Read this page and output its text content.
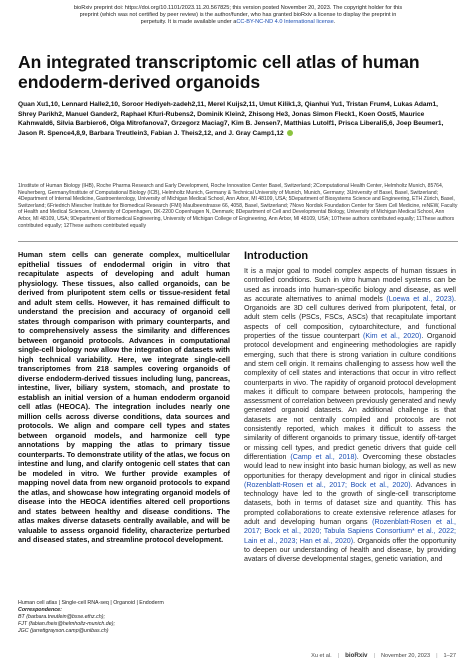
bioRxiv preprint doi: https://doi.org/10.1101/2023.11.20.567825; this version posted November 20, 2023. The copyright holder for this
preprint (which was not certified by peer review) is the author/funder, who has granted bioRxiv a license to display the preprint in
perpetuity. It is made available under aCC-BY-NC-ND 4.0 International license.
An integrated transcriptomic cell atlas of human endoderm-derived organoids
Quan Xu1,10, Lennard Halle2,10, Soroor Hediyeh-zadeh2,11, Merel Kuijs2,11, Umut Kilik1,3, Qianhui Yu1, Tristan Frum4, Lukas Adam1, Shrey Parikh2, Manuel Gander2, Raphael Kfuri-Rubens2, Dominik Klein2, Zhisong He3, Jonas Simon Fleck1, Koen Oost5, Maurice Kahnwald6, Silvia Barbiero6, Olga Mitrofanova7, Grzegorz Maciag7, Kim B. Jensen7, Matthias Lutolf1, Prisca Liberali5,6, Joep Beumer1, Jason R. Spence4,8,9, Barbara Treutlein3, Fabian J. Theis2,12, and J. Gray Camp1,12
1Institute of Human Biology (IHB), Roche Pharma Research and Early Development, Roche Innovation Center Basel, Switzerland; 2Computational Health Center, Helmholtz Munich, 85764, Neuherberg, Germany/Institute of Computational Biology (ICB), Helmholtz Munich, Germany & Technical University of Munich, Munich, Germany; 3University of Basel, Basel, Switzerland; 4Department of Internal Medicine, Gastroenterology, University of Michigan Medical School, Ann Arbor, MI 48109, USA; 5Department of Biosystems Science and Engineering, ETH Zürich, Basel, Switzerland; 6Friedrich Miescher Institute for Biomedical Research (FMI) Maulbeerstrasse 66, 4058, Basel, Switzerland; 7Novo Nordisk Foundation Center for Stem Cell Medicine, reNEW, Faculty of Health and Medical Sciences, University of Copenhagen, DK-2200 Copenhagen N, Denmark; 8Department of Cell and Developmental Biology, University of Michigan Medical School, Ann Arbor, MI 48109, USA; 9Department of Biomedical Engineering, University of Michigan College of Engineering, Ann Arbor, MI 48109, USA; 10These authors contributed equally; 11These authors contributed equally; 12These authors contributed equally
Human stem cells can generate complex, multicellular epithelial tissues of endodermal origin in vitro that recapitulate aspects of developing and adult human physiology. These tissues, also called organoids, can be derived from pluripotent stem cells or tissue-resident fetal and adult stem cells. However, it has remained difficult to understand the precision and accuracy of organoid cell states through comparison with primary counterparts, and to comprehensively assess the similarity and differences between organoid protocols. Advances in computational single-cell biology now allow the integration of datasets with high technical variability. Here, we integrate single-cell transcriptomes from 218 samples covering organoids of diverse endoderm-derived tissues including lung, pancreas, intestine, liver, biliary system, stomach, and prostate to establish an initial version of a human endoderm organoid cell atlas (HEOCA). The integration includes nearly one million cells across diverse conditions, data sources and protocols. We align and compare cell types and states between organoid models, and harmonize cell type annotations by mapping the atlas to primary tissue counterparts. To demonstrate utility of the atlas, we focus on intestine and lung, and clarify ontogenic cell states that can be modeled in vitro. We further provide examples of mapping novel data from new organoid protocols to expand the atlas, and showcase how integrating organoid models of disease into the HEOCA identifies altered cell proportions and states between healthy and disease conditions. The atlas makes diverse datasets centrally available, and will be valuable to assess organoid fidelity, characterize perturbed and diseased states, and streamline protocol development.
Human cell atlas | Single-cell RNA-seq | Organoid | Endoderm
Correspondence:
BT (barbara.treutlein@bsse.ethz.ch);
FJT (fabian.theis@helmholtz-munich.de);
JGC (jarrettgrayson.camp@unibas.ch)
Introduction
It is a major goal to model complex aspects of human tissues in controlled conditions. Such in vitro human model systems can be used as inroads into human-specific biology and disease, as well as accurate alternatives to animal models (Loewa et al., 2023). Organoids are 3D cell cultures derived from pluripotent, fetal, or adult stem cells (PSCs, FSCs, ASCs) that recapitulate important aspects of cell composition, cytoarchitecture, and functional properties of the tissue counterpart (Kim et al., 2020). Organoid protocol development and engineering methodologies are rapidly emerging, such that there is strong variation in culture conditions and stem cell origin. It remains challenging to assess how well the complexity of cell states and interactions that occur in vitro reflect counterparts in vivo. The rapidity of organoid protocol development makes it difficult to compare between protocols, hampering the assessment of correlation between previously generated and newly generated organoid datasets. An additional challenge is that datasets are not centrally compiled and protocols are not consistently reported, which makes it difficult to assess the similarity of different organoids to primary tissue, identify off-target or missing cell types, and predict genetic drivers that guide cell differentiation (Camp et al., 2018). Overcoming these obstacles would lead to new insight into basic human biology, as well as new opportunities for therapy development and rigor in clinical studies (Rozenblatt-Rosen et al., 2017; Bock et al., 2020). Advances in technology have led to the growth of single-cell transcriptome datasets, both in terms of dataset size and quantity. This has prompted collaborations to create extensive reference atlases for adult and developing human organs (Rozenblatt-Rosen et al., 2017; Bock et al., 2020; Tabula Sapiens Consortium* et al., 2022; Lain et al., 2023; Han et al., 2020). Organoids offer the opportunity to deepen our understanding of health and disease, by providing avatars of diverse developmental stages, genetic variation, and
Xu et al. | bioRxiv | November 20, 2023 | 1–27
